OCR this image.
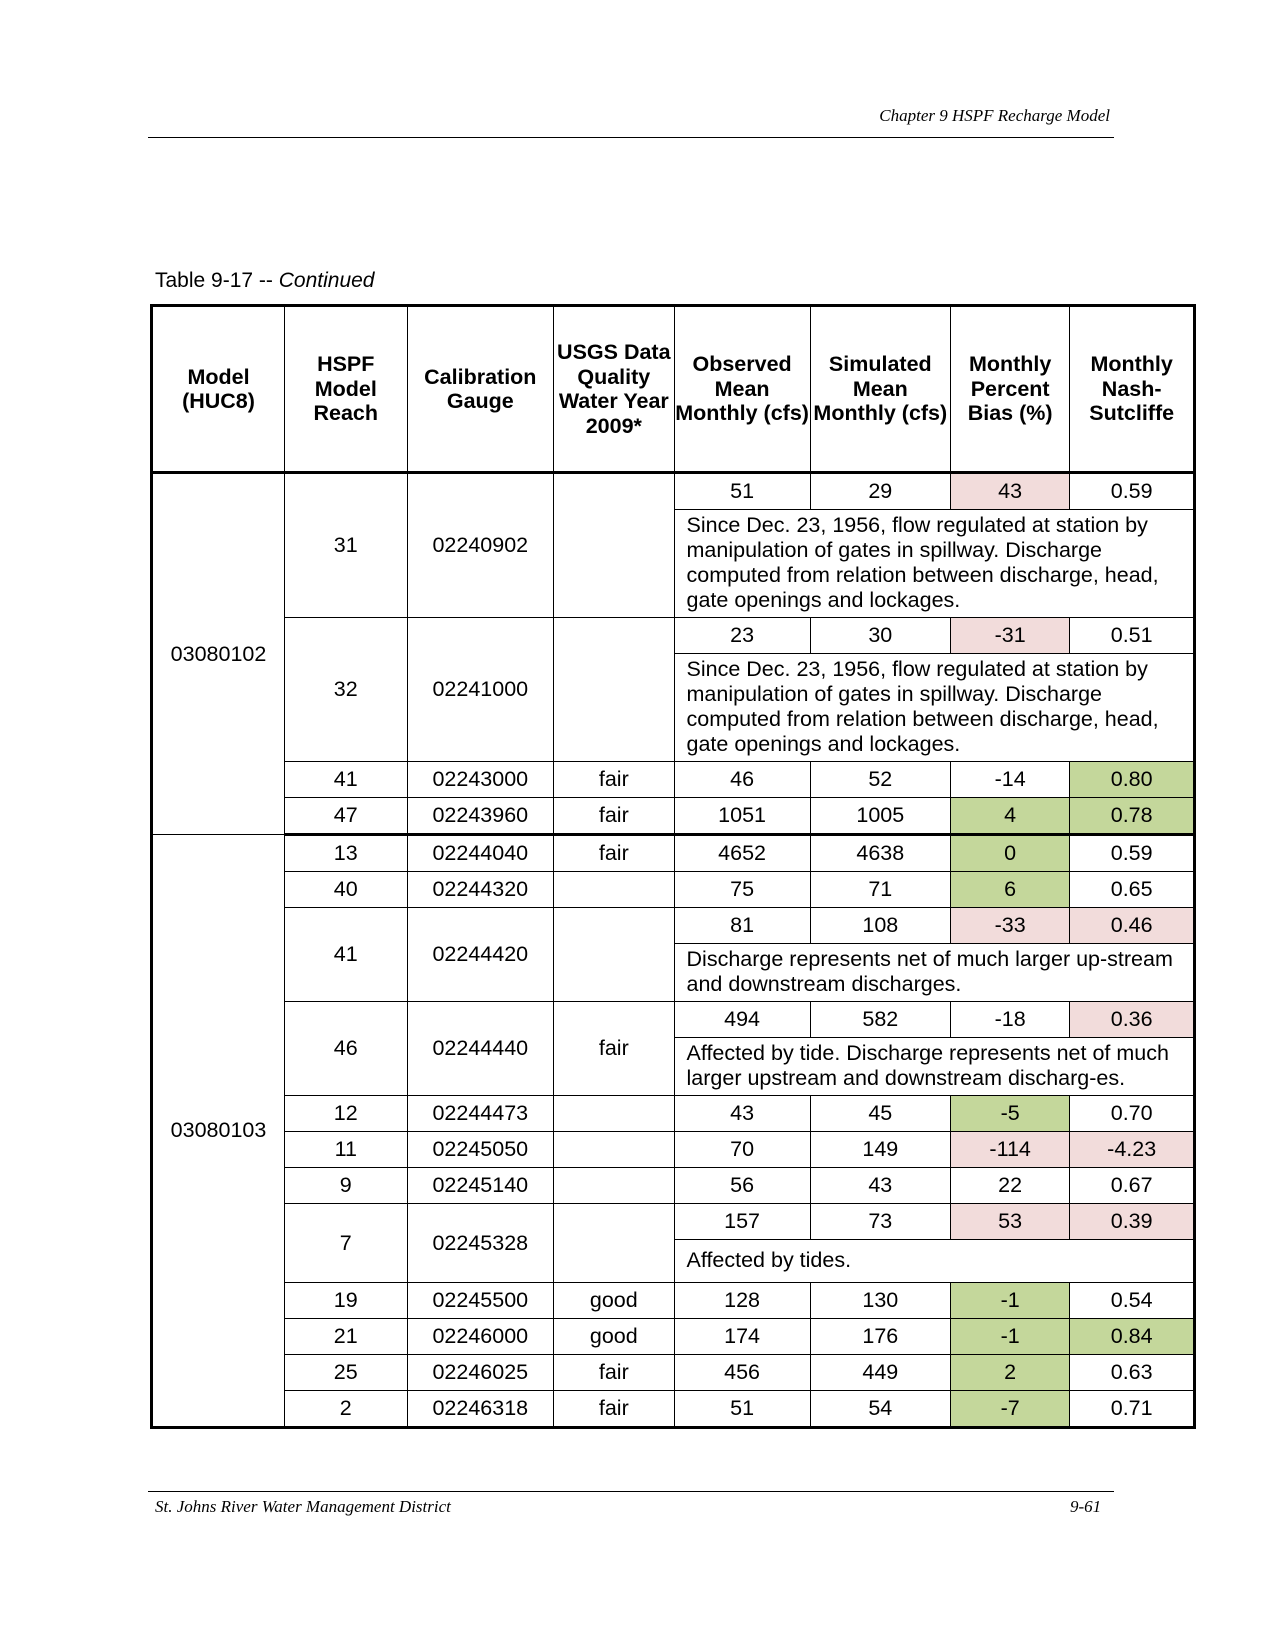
Chapter 9 HSPF Recharge Model
Table 9-17 -- Continued
Model (HUC8)	HSPF Model Reach	Calibration Gauge	USGS Data Quality Water Year 2009*	Observed Mean Monthly (cfs)	Simulated Mean Monthly (cfs)	Monthly Percent Bias (%)	Monthly Nash-Sutcliffe
03080102	31	02240902		51	29	43	0.59
				Since Dec. 23, 1956, flow regulated at station by manipulation of gates in spillway. Discharge computed from relation between discharge, head, gate openings and lockages.			
	32	02241000		23	30	-31	0.51
				Since Dec. 23, 1956, flow regulated at station by manipulation of gates in spillway. Discharge computed from relation between discharge, head, gate openings and lockages.			
	41	02243000	fair	46	52	-14	0.80
	47	02243960	fair	1051	1005	4	0.78
03080103	13	02244040	fair	4652	4638	0	0.59
	40	02244320		75	71	6	0.65
	41	02244420		81	108	-33	0.46
				Discharge represents net of much larger up-stream and downstream discharges.			
	46	02244440	fair	494	582	-18	0.36
				Affected by tide. Discharge represents net of much larger upstream and downstream discharg-es.			
	12	02244473		43	45	-5	0.70
	11	02245050		70	149	-114	-4.23
	9	02245140		56	43	22	0.67
	7	02245328		157	73	53	0.39
				Affected by tides.			
	19	02245500	good	128	130	-1	0.54
	21	02246000	good	174	176	-1	0.84
	25	02246025	fair	456	449	2	0.63
	2	02246318	fair	51	54	-7	0.71
St. Johns River Water Management District	9-61
